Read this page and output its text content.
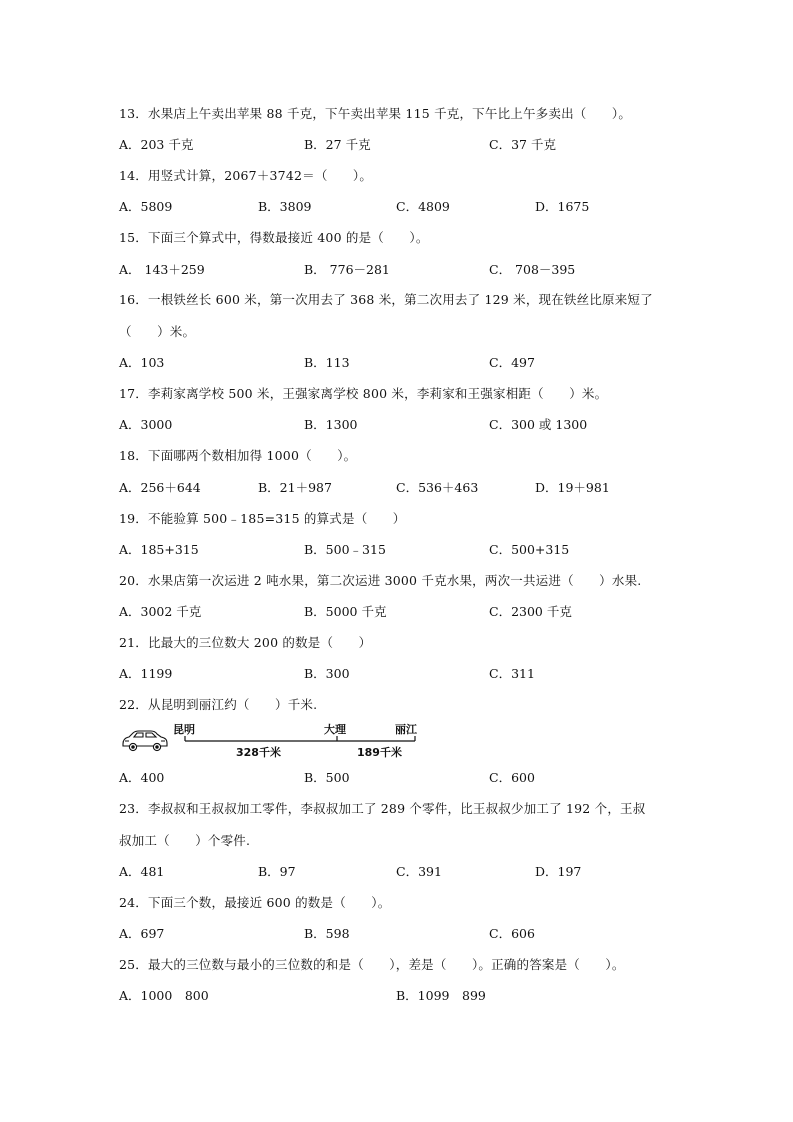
13．水果店上午卖出苹果 88 千克，下午卖出苹果 115 千克，下午比上午多卖出（　　）。
A．203 千克	B．27 千克	C．37 千克
14．用竖式计算，2067＋3742＝（　　）。
A．5809	B．3809	C．4809	D．1675
15．下面三个算式中，得数最接近 400 的是（　　）。
A． 143＋259	B． 776－281	C． 708－395
16．一根铁丝长 600 米，第一次用去了 368 米，第二次用去了 129 米，现在铁丝比原来短了
（　　）米。
A．103	B．113	C．497
17．李莉家离学校 500 米，王强家离学校 800 米，李莉家和王强家相距（　　）米。
A．3000	B．1300	C．300 或 1300
18．下面哪两个数相加得 1000（　　）。
A．256＋644	B．21＋987	C．536＋463	D．19＋981
19．不能验算 500﹣185=315 的算式是（　　）
A．185+315	B．500﹣315	C．500+315
20．水果店第一次运进 2 吨水果，第二次运进 3000 千克水果，两次一共运进（　　）水果.
A．3002 千克	B．5000 千克	C．2300 千克
21．比最大的三位数大 200 的数是（　　）
A．1199	B．300	C．311
22．从昆明到丽江约（　　）千米.
昆明	大理	丽江
328千米	189千米
A．400	B．500	C．600
23．李叔叔和王叔叔加工零件，李叔叔加工了 289 个零件，比王叔叔少加工了 192 个，王叔
叔加工（　　）个零件.
A．481	B．97	C．391	D．197
24．下面三个数，最接近 600 的数是（　　）。
A．697	B．598	C．606
25．最大的三位数与最小的三位数的和是（　　），差是（　　）。正确的答案是（　　）。
A．1000　800	B．1099　899
